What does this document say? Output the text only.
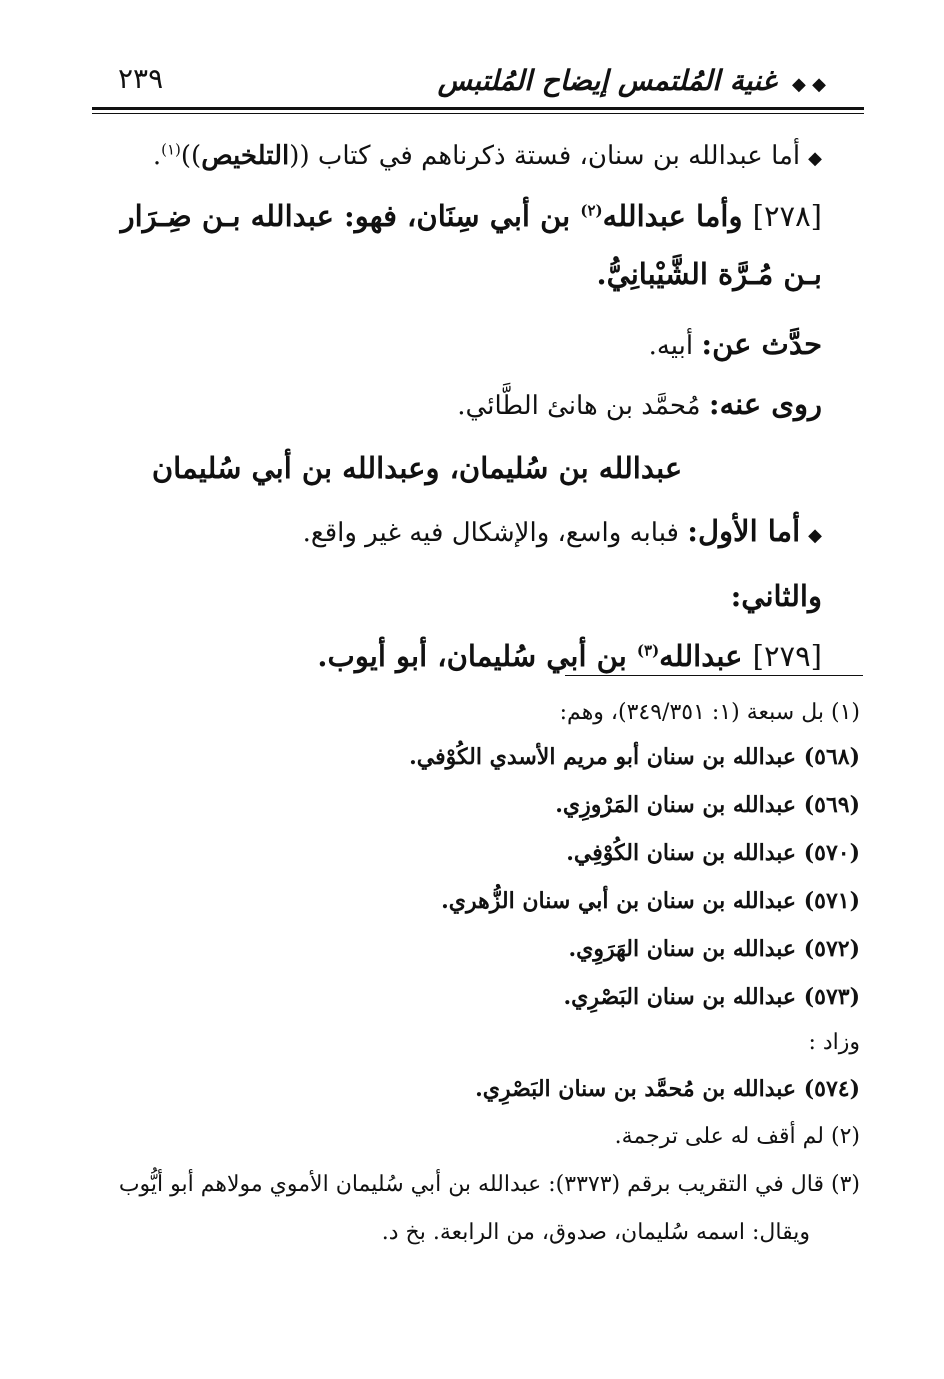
◆ ◆ غنية المُلتمس إيضاح المُلتبس
٢٣٩

◆أما عبدالله بن سنان، فستة ذكرناهم في كتاب ((التلخيص))$^{(١)}$.

[٢٧٨] وأما عبدالله$^{(٢)}$ بن أبي سِنَان، فهو: عبدالله بـن ضِـرَار بـن مُـرَّة الشَّيْبانِيُّ.

حدَّث عن: أبيه.

روى عنه: مُحمَّد بن هانئ الطَّائي.

عبدالله بن سُليمان، وعبدالله بن أبي سُليمان

◆أما الأول: فبابه واسع، والإشكال فيه غير واقع.

والثاني:

[٢٧٩] عبدالله$^{(٣)}$ بن أبي سُليمان، أبو أيوب.

(١) بل سبعة (١: ٣٤٩/٣٥١)، وهم:
(٥٦٨) عبدالله بن سنان أبو مريم الأسدي الكُوْفي.
(٥٦٩) عبدالله بن سنان المَرْوزِي.
(٥٧٠) عبدالله بن سنان الكُوْفِي.
(٥٧١) عبدالله بن سنان بن أبي سنان الزُّهري.
(٥٧٢) عبدالله بن سنان الهَرَوِي.
(٥٧٣) عبدالله بن سنان البَصْرِي.
وزاد :
(٥٧٤) عبدالله بن مُحمَّد بن سنان البَصْرِي.
(٢) لم أقف له على ترجمة.
(٣) قال في التقريب برقم (٣٣٧٣): عبدالله بن أبي سُليمان الأموي مولاهم أبو أيُّوب
ويقال: اسمه سُليمان، صدوق، من الرابعة. بخ د.
